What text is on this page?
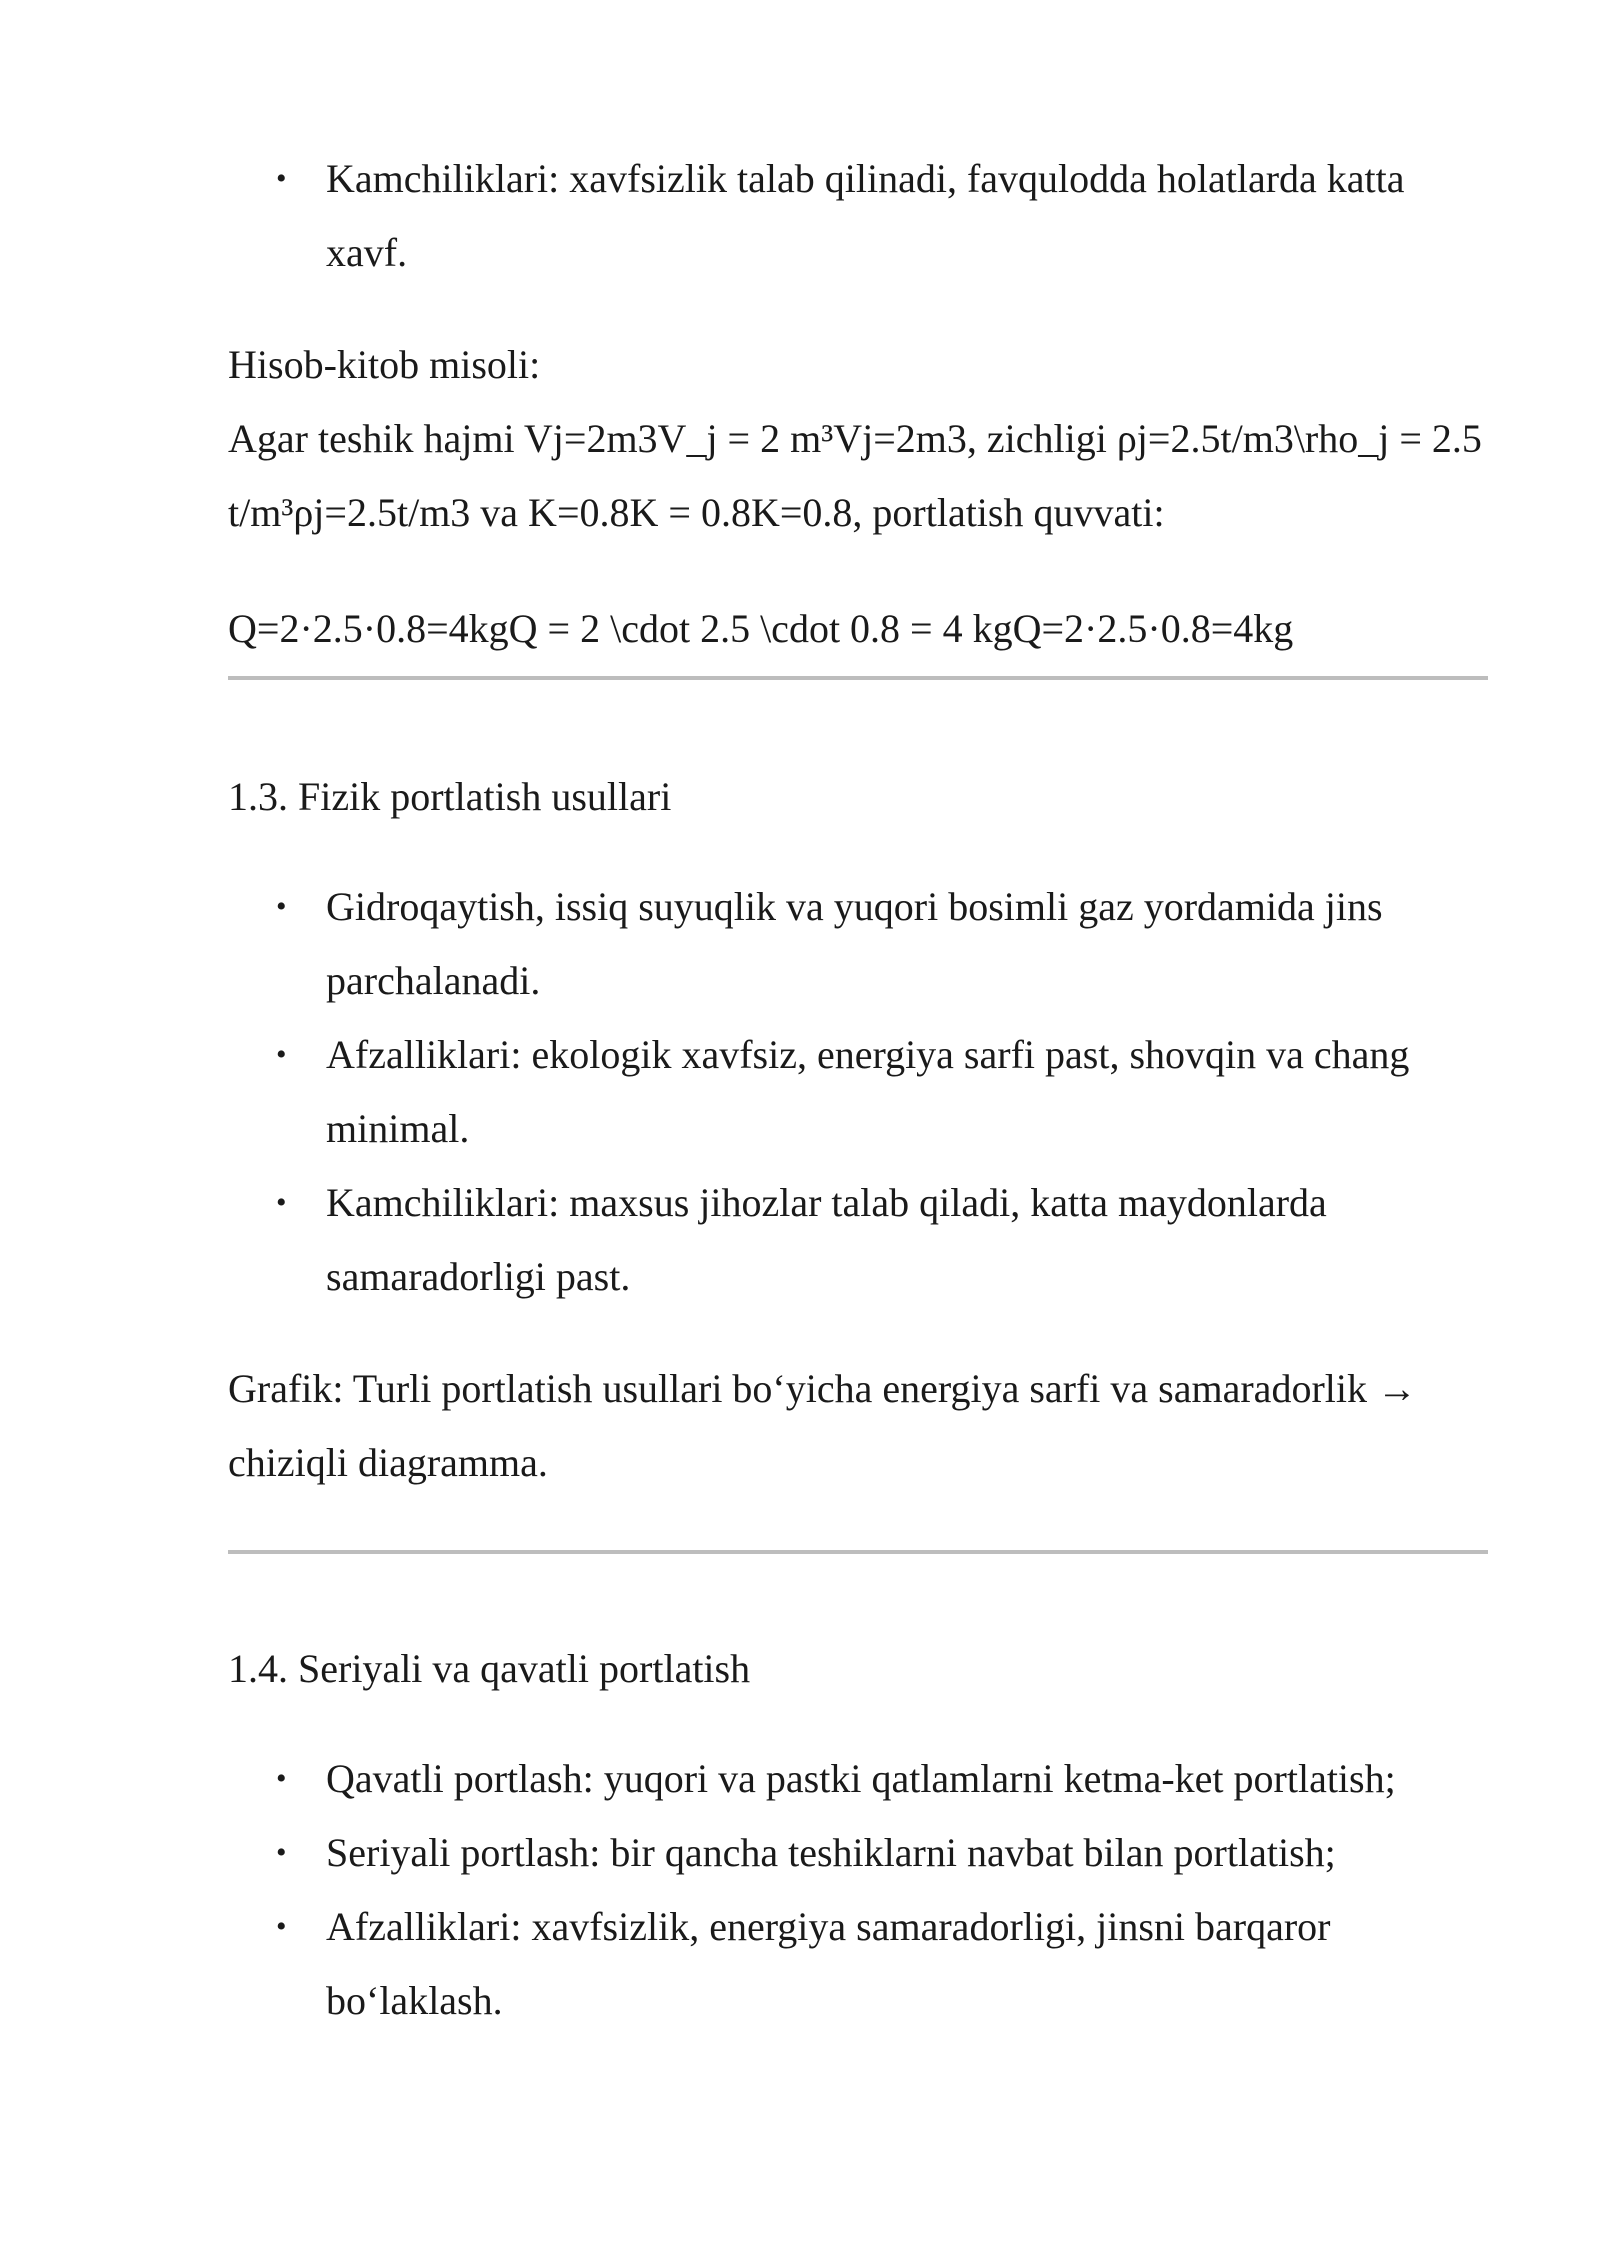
• Kamchiliklari: xavfsizlik talab qilinadi, favqulodda holatlarda katta xavf.

Hisob-kitob misoli:

Agar teshik hajmi Vj=2m3V_j = 2 m³Vj=2m3, zichligi ρj=2.5t/m3\rho_j = 2.5 t/m³ρj=2.5t/m3 va K=0.8K = 0.8K=0.8, portlatish quvvati:

Q=2·2.5·0.8=4kgQ = 2 \cdot 2.5 \cdot 0.8 = 4 kgQ=2·2.5·0.8=4kg

1.3. Fizik portlatish usullari

• Gidroqaytish, issiq suyuqlik va yuqori bosimli gaz yordamida jins parchalanadi.
• Afzalliklari: ekologik xavfsiz, energiya sarfi past, shovqin va chang minimal.
• Kamchiliklari: maxsus jihozlar talab qiladi, katta maydonlarda samaradorligi past.

Grafik: Turli portlatish usullari bo‘yicha energiya sarfi va samaradorlik → chiziqli diagramma.

1.4. Seriyali va qavatli portlatish

• Qavatli portlash: yuqori va pastki qatlamlarni ketma-ket portlatish;
• Seriyali portlash: bir qancha teshiklarni navbat bilan portlatish;
• Afzalliklari: xavfsizlik, energiya samaradorligi, jinsni barqaror bo‘laklash.
